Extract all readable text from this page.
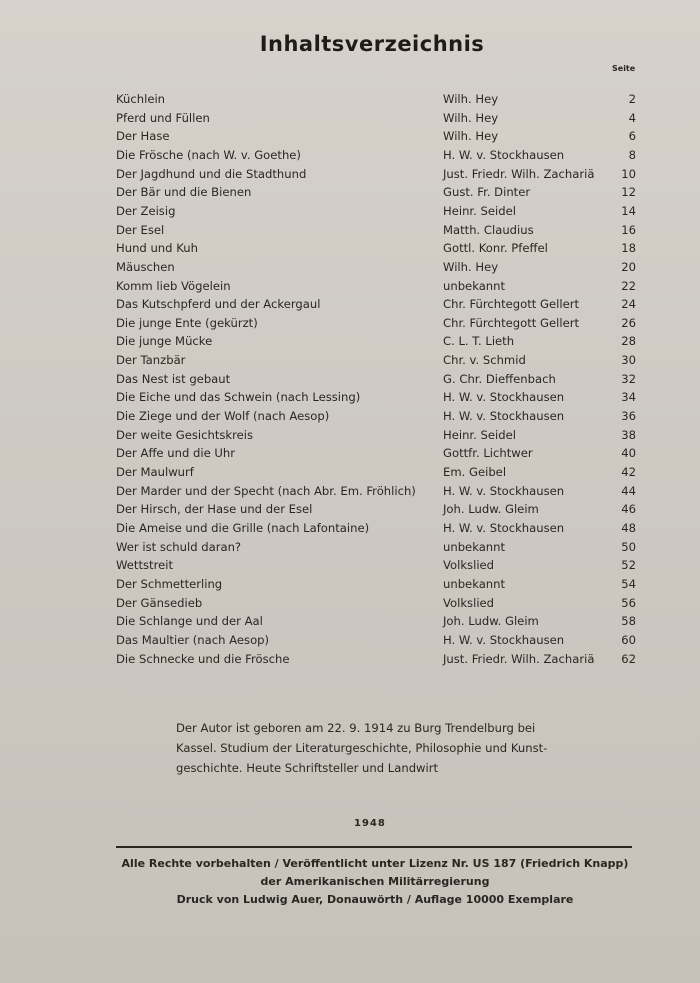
Inhaltsverzeichnis
Seite
Küchlein	Wilh. Hey	2
Pferd und Füllen	Wilh. Hey	4
Der Hase	Wilh. Hey	6
Die Frösche (nach W. v. Goethe)	H. W. v. Stockhausen	8
Der Jagdhund und die Stadthund	Just. Friedr. Wilh. Zachariä	10
Der Bär und die Bienen	Gust. Fr. Dinter	12
Der Zeisig	Heinr. Seidel	14
Der Esel	Matth. Claudius	16
Hund und Kuh	Gottl. Konr. Pfeffel	18
Mäuschen	Wilh. Hey	20
Komm lieb Vögelein	unbekannt	22
Das Kutschpferd und der Ackergaul	Chr. Fürchtegott Gellert	24
Die junge Ente (gekürzt)	Chr. Fürchtegott Gellert	26
Die junge Mücke	C. L. T. Lieth	28
Der Tanzbär	Chr. v. Schmid	30
Das Nest ist gebaut	G. Chr. Dieffenbach	32
Die Eiche und das Schwein (nach Lessing)	H. W. v. Stockhausen	34
Die Ziege und der Wolf (nach Aesop)	H. W. v. Stockhausen	36
Der weite Gesichtskreis	Heinr. Seidel	38
Der Affe und die Uhr	Gottfr. Lichtwer	40
Der Maulwurf	Em. Geibel	42
Der Marder und der Specht (nach Abr. Em. Fröhlich) H. W. v. Stockhausen	44
Der Hirsch, der Hase und der Esel	Joh. Ludw. Gleim	46
Die Ameise und die Grille (nach Lafontaine)	H. W. v. Stockhausen	48
Wer ist schuld daran?	unbekannt	50
Wettstreit	Volkslied	52
Der Schmetterling	unbekannt	54
Der Gänsedieb	Volkslied	56
Die Schlange und der Aal	Joh. Ludw. Gleim	58
Das Maultier (nach Aesop)	H. W. v. Stockhausen	60
Die Schnecke und die Frösche	Just. Friedr. Wilh. Zachariä	62
Der Autor ist geboren am 22. 9. 1914 zu Burg Trendelburg bei
Kassel. Studium der Literaturgeschichte, Philosophie und Kunst-
geschichte. Heute Schriftsteller und Landwirt
1948
Alle Rechte vorbehalten / Veröffentlicht unter Lizenz Nr. US 187 (Friedrich Knapp)
der Amerikanischen Militärregierung
Druck von Ludwig Auer, Donauwörth / Auflage 10000 Exemplare
